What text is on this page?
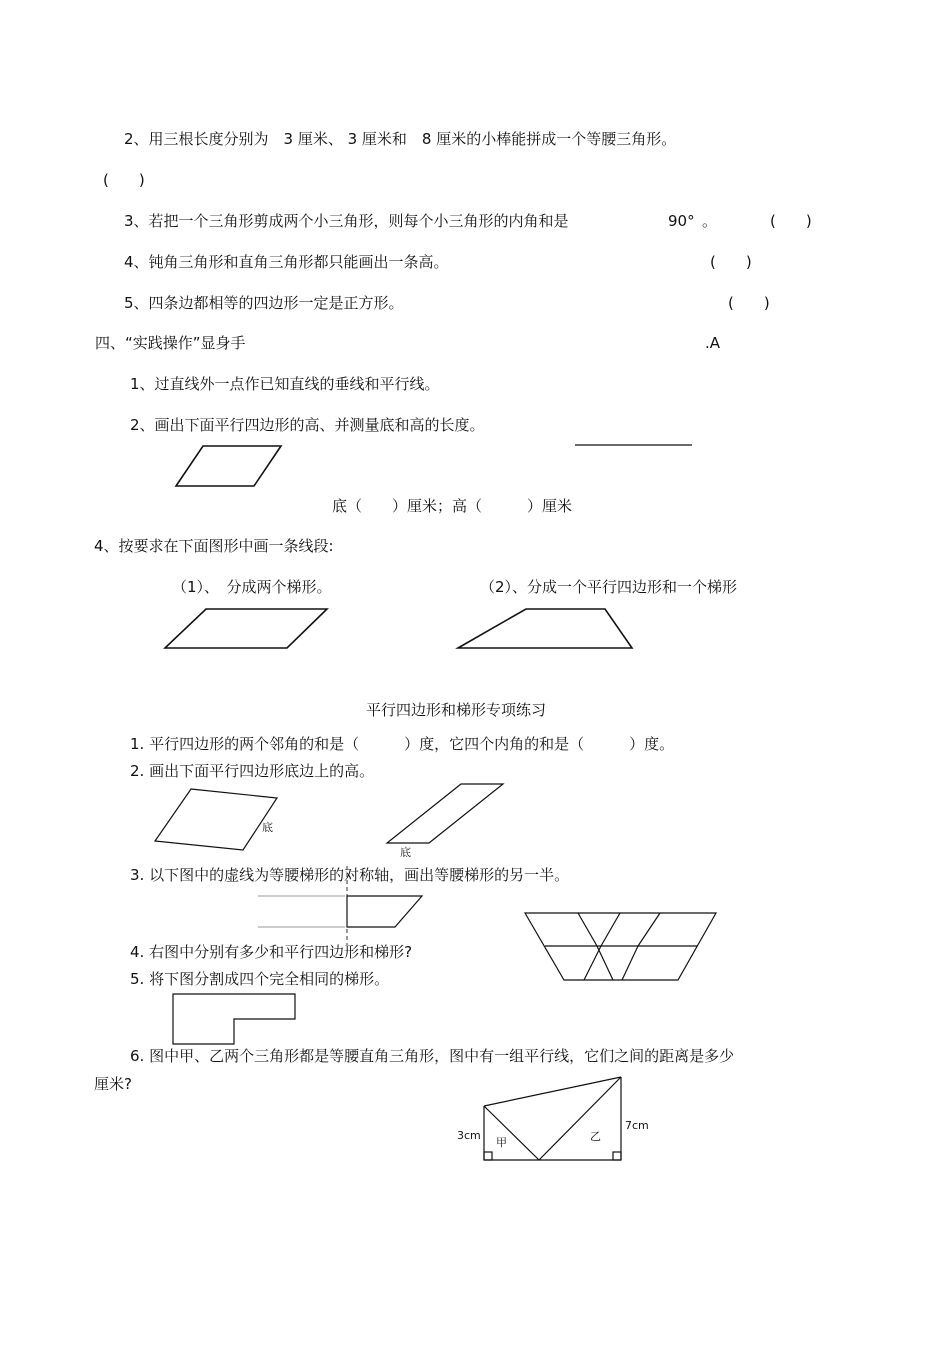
2、用三根长度分别为　3 厘米、 3 厘米和　8 厘米的小棒能拼成一个等腰三角形。
(　　)
3、若把一个三角形剪成两个小三角形，则每个小三角形的内角和是	90° 。	(　　)
4、钝角三角形和直角三角形都只能画出一条高。	(　　)
5、四条边都相等的四边形一定是正方形。	(　　)
四、“实践操作”显身手	.A
1、过直线外一点作已知直线的垂线和平行线。
2、画出下面平行四边形的高、并测量底和高的长度。
底（　　）厘米；高（　　　）厘米
4、按要求在下面图形中画一条线段:
（1）、　分成两个梯形。	（2）、分成一个平行四边形和一个梯形
平行四边形和梯形专项练习
1. 平行四边形的两个邻角的和是（　　　）度，它四个内角的和是（　　　）度。
2. 画出下面平行四边形底边上的高。
底
底
3. 以下图中的虚线为等腰梯形的对称轴，画出等腰梯形的另一半。
4. 右图中分别有多少和平行四边形和梯形?
5. 将下图分割成四个完全相同的梯形。
6. 图中甲、乙两个三角形都是等腰直角三角形，图中有一组平行线，它们之间的距离是多少
厘米?
3cm
7cm
甲	乙
